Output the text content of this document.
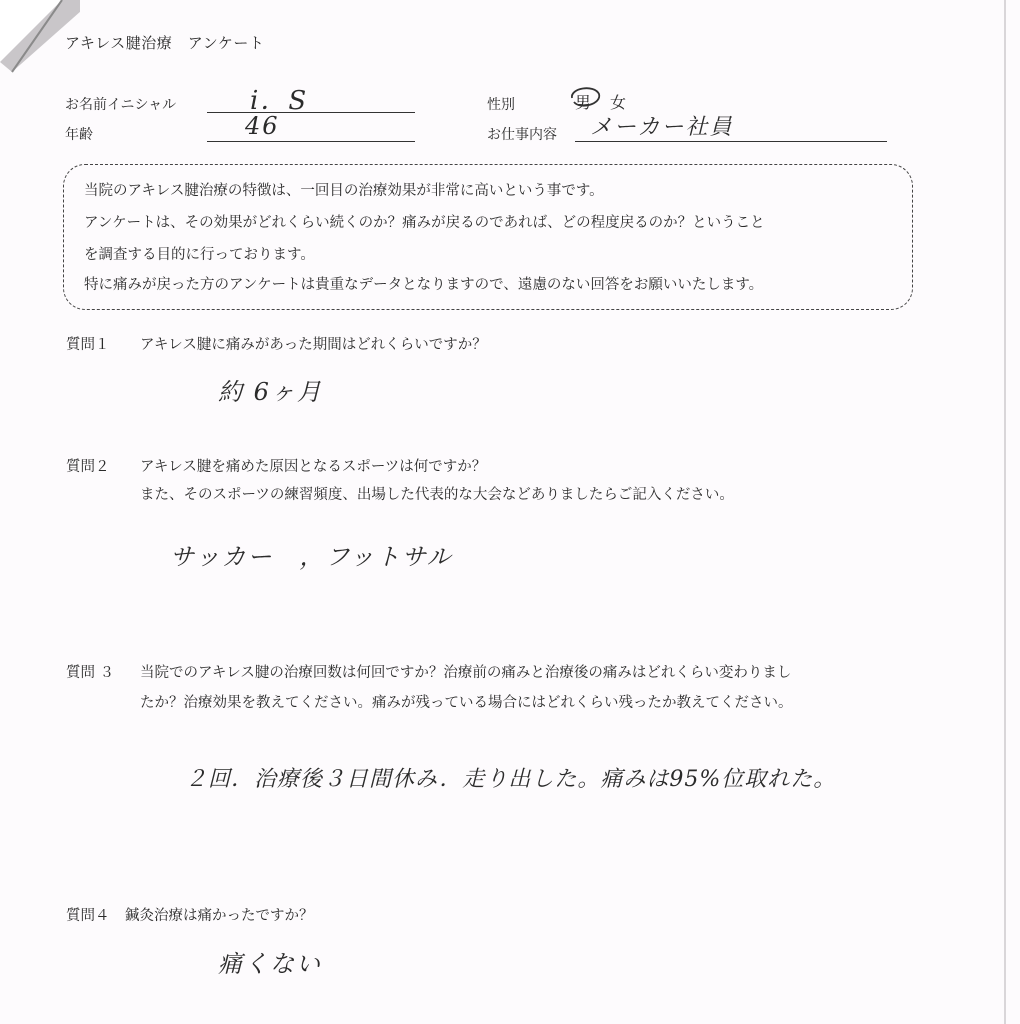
アキレス腱治療　アンケート
お名前イニシャル	i．S	性別	男 女
年齢	46	お仕事内容 メーカー社員

当院のアキレス腱治療の特徴は、一回目の治療効果が非常に高いという事です。

アンケートは、その効果がどれくらい続くのか？痛みが戻るのであれば、どの程度戻るのか？ということ

を調査する目的に行っております。

特に痛みが戻った方のアンケートは貴重なデータとなりますので、遠慮のない回答をお願いいたします。

質問１ アキレス腱に痛みがあった期間はどれくらいですか？
約 6ヶ月
質問２ アキレス腱を痛めた原因となるスポーツは何ですか？
また、そのスポーツの練習頻度、出場した代表的な大会などありましたらご記入ください。
サッカー　，フットサル
質問 ３ 当院でのアキレス腱の治療回数は何回ですか？治療前の痛みと治療後の痛みはどれくらい変わりまし
たか？治療効果を教えてください。痛みが残っている場合にはどれくらい残ったか教えてください。
２回．治療後３日間休み．走り出した。痛みは95%位取れた。
質問４ 鍼灸治療は痛かったですか？
痛くない
